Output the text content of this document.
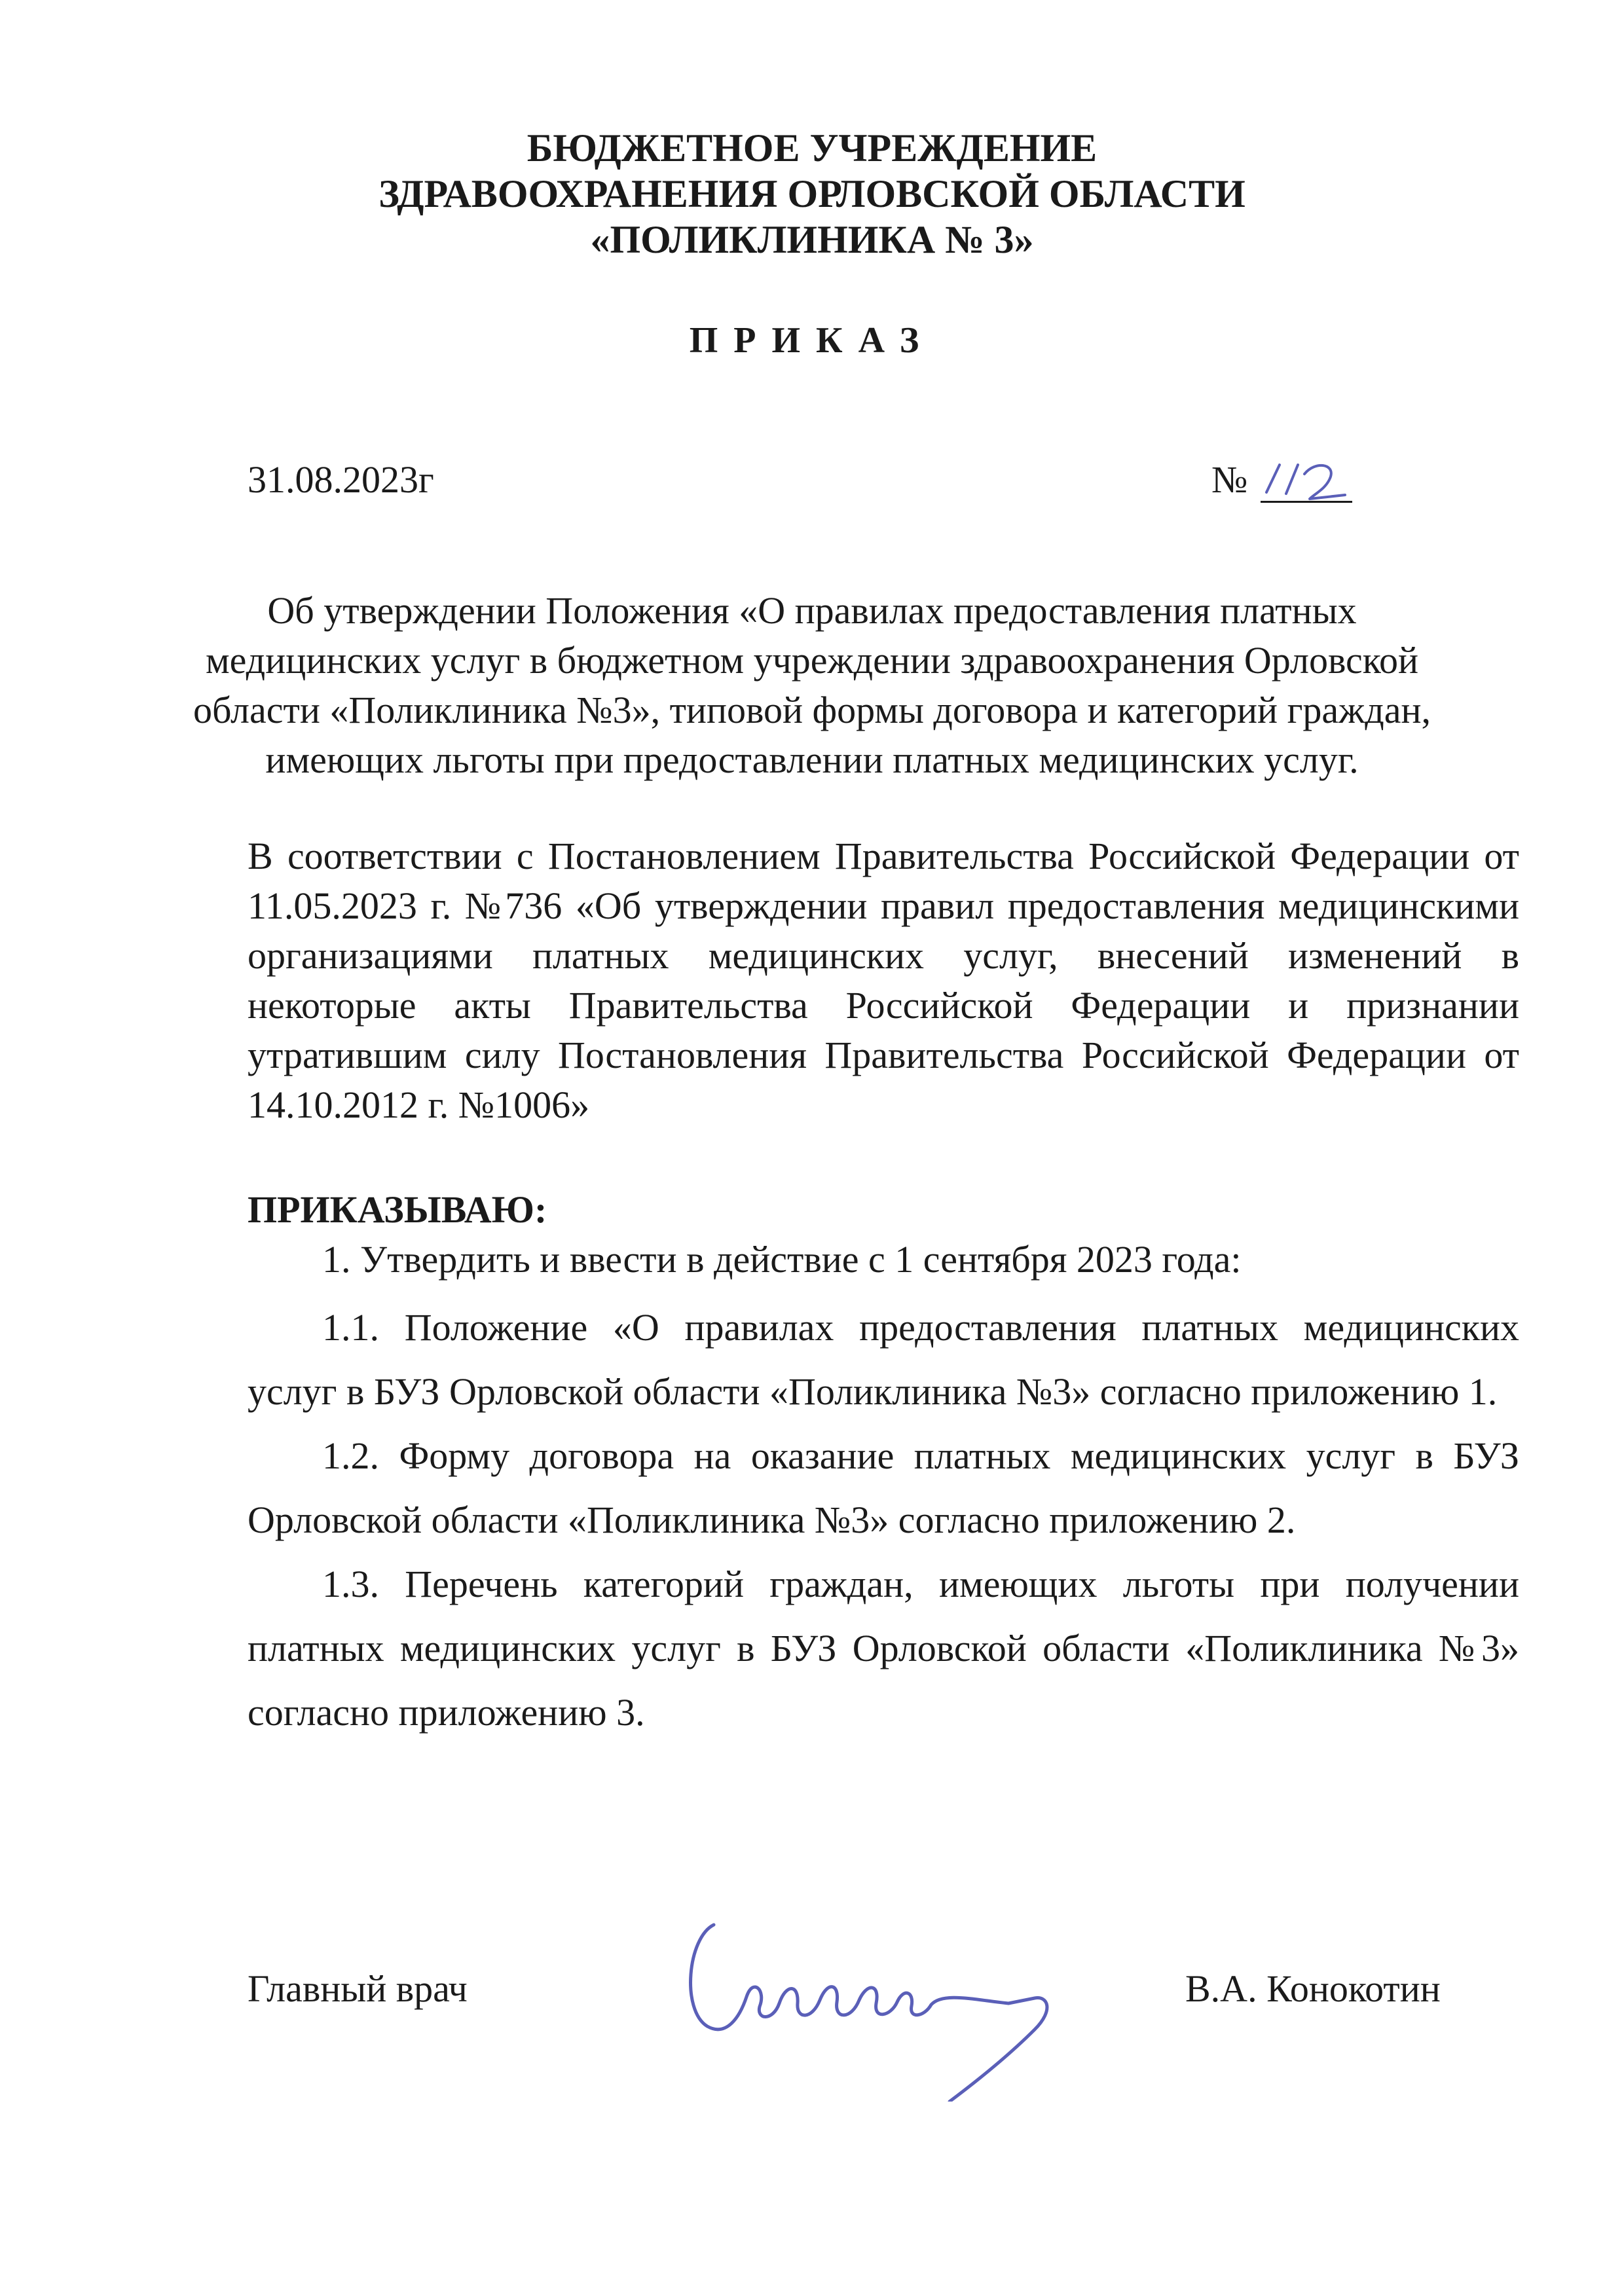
БЮДЖЕТНОЕ УЧРЕЖДЕНИЕ
ЗДРАВООХРАНЕНИЯ ОРЛОВСКОЙ ОБЛАСТИ
«ПОЛИКЛИНИКА № 3»
ПРИКАЗ
31.08.2023г	№
Об утверждении Положения «О правилах предоставления платных
медицинских услуг в бюджетном учреждении здравоохранения Орловской
области «Поликлиника №3», типовой формы договора и категорий граждан,
имеющих льготы при предоставлении платных медицинских услуг.
В соответствии с Постановлением Правительства Российской Федерации от
11.05.2023 г. №736 «Об утверждении правил предоставления медицинскими
организациями платных медицинских услуг, внесений изменений в
некоторые акты Правительства Российской Федерации и признании
утратившим силу Постановления Правительства Российской Федерации от
14.10.2012 г. №1006»
ПРИКАЗЫВАЮ:
1. Утвердить и ввести в действие с 1 сентября 2023 года:
1.1. Положение «О правилах предоставления платных медицинских
услуг в БУЗ Орловской области «Поликлиника №3» согласно приложению 1.
1.2. Форму договора на оказание платных медицинских услуг в БУЗ
Орловской области «Поликлиника №3» согласно приложению 2.
1.3. Перечень категорий граждан, имеющих льготы при получении
платных медицинских услуг в БУЗ Орловской области «Поликлиника №3»
согласно приложению 3.
Главный врач	В.А. Конокотин
